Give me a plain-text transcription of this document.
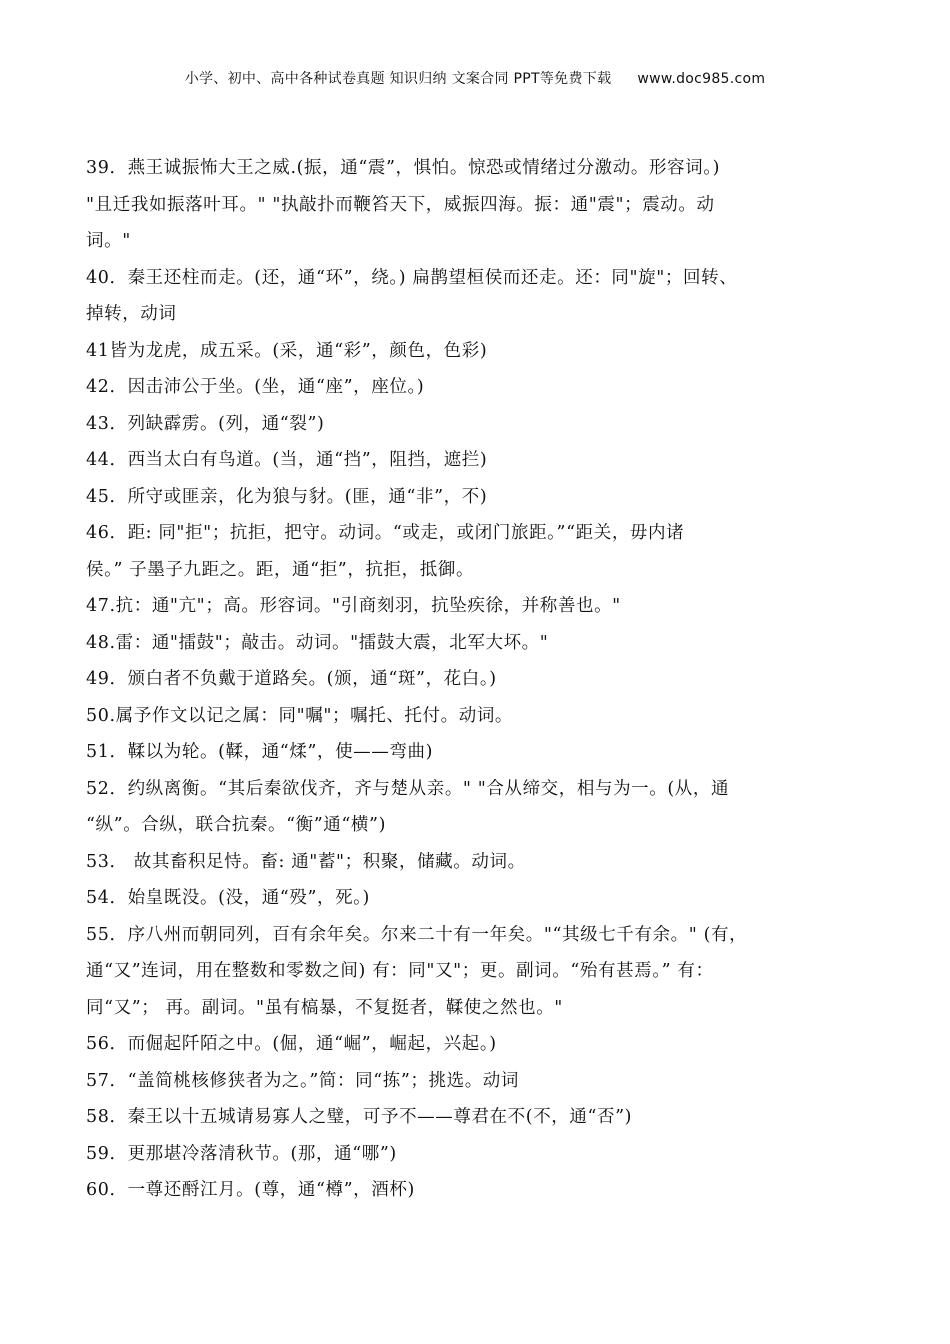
小学、初中、高中各种试卷真题 知识归纳 文案合同 PPT等免费下载 www.doc985.com
39．燕王诚振怖大王之威.(振，通“震”，惧怕。惊恐或情绪过分激动。形容词。)
"且迁我如振落叶耳。" "执敲扑而鞭笞天下，威振四海。振：通"震"；震动。动
词。"
40．秦王还柱而走。(还，通“环”，绕。) 扁鹊望桓侯而还走。还：同"旋"；回转、
掉转，动词
41皆为龙虎，成五采。(采，通“彩”，颜色，色彩)
42．因击沛公于坐。(坐，通“座”，座位。)
43．列缺霹雳。(列，通“裂”)
44．西当太白有鸟道。(当，通“挡”，阻挡，遮拦)
45．所守或匪亲，化为狼与豺。(匪，通“非”，不)
46．距: 同"拒"；抗拒，把守。动词。“或走，或闭门旅距。”“距关，毋内诸
侯。” 子墨子九距之。距，通“拒”，抗拒，抵御。
47.抗：通"亢"；高。形容词。"引商刻羽，抗坠疾徐，并称善也。"
48.雷：通"擂鼓"；敲击。动词。"擂鼓大震，北军大坏。"
49．颁白者不负戴于道路矣。(颁，通“斑”，花白。)
50.属予作文以记之属：同"嘱"；嘱托、托付。动词。
51．鞣以为轮。(鞣，通“煣”，使——弯曲)
52．约纵离衡。“其后秦欲伐齐，齐与楚从亲。" "合从缔交，相与为一。(从，通
“纵”。合纵，联合抗秦。“衡”通“横”)
53． 故其畜积足恃。畜: 通"蓄"；积聚，储藏。动词。
54．始皇既没。(没，通“殁”，死。)
55．序八州而朝同列，百有余年矣。尔来二十有一年矣。"“其级七千有余。" (有，
通“又”连词，用在整数和零数之间) 有：同"又"；更。副词。“殆有甚焉。” 有：
同“又”； 再。副词。"虽有槁暴，不复挺者，鞣使之然也。"
56．而倔起阡陌之中。(倔，通“崛”，崛起，兴起。)
57．“盖简桃核修狭者为之。”简：同“拣”；挑选。动词
58．秦王以十五城请易寡人之璧，可予不——尊君在不(不，通“否”)
59．更那堪冷落清秋节。(那，通“哪”)
60．一尊还酹江月。(尊，通“樽”，酒杯)
